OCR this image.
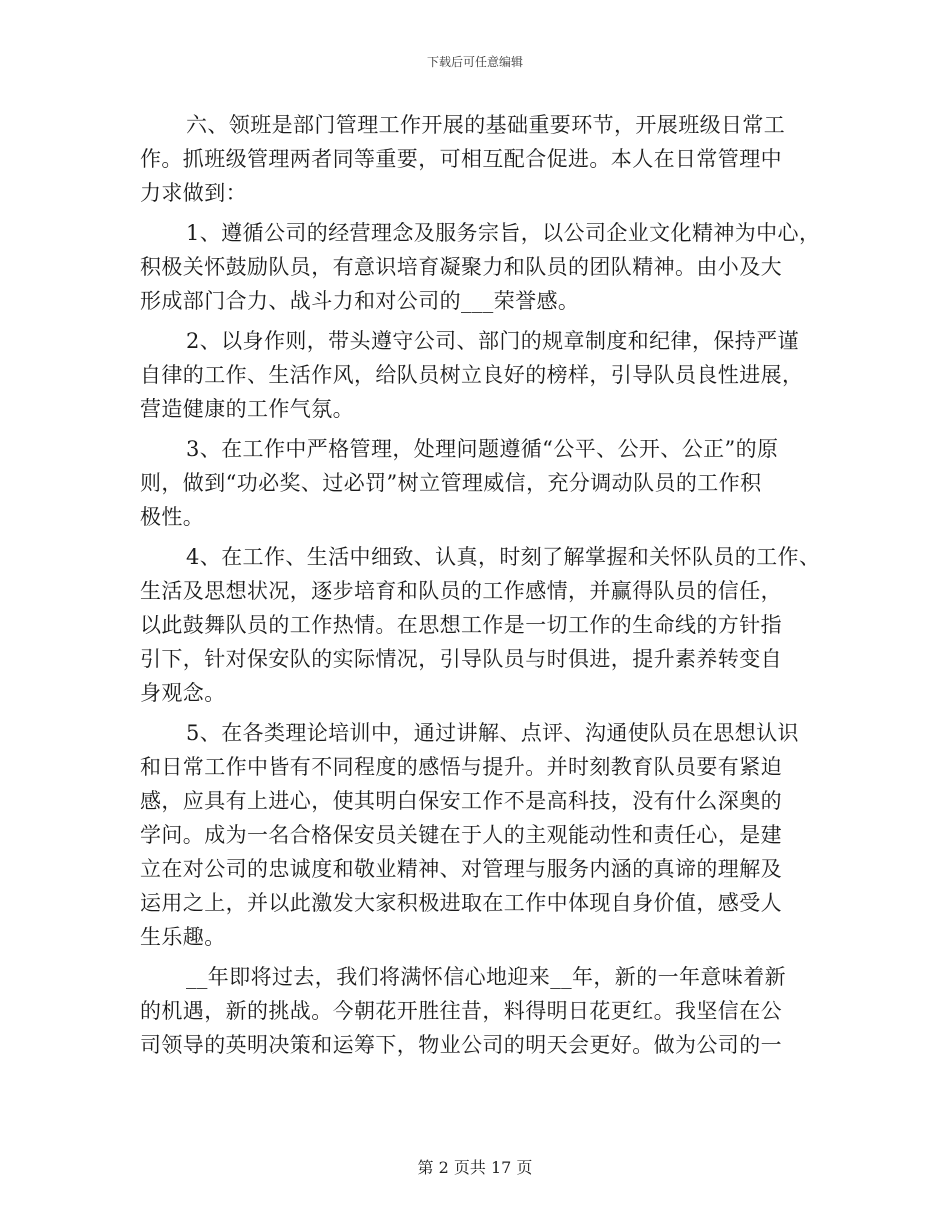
下载后可任意编辑
六、领班是部门管理工作开展的基础重要环节，开展班级日常工
作。抓班级管理两者同等重要，可相互配合促进。本人在日常管理中
力求做到：
1、遵循公司的经营理念及服务宗旨，以公司企业文化精神为中心，
积极关怀鼓励队员，有意识培育凝聚力和队员的团队精神。由小及大
形成部门合力、战斗力和对公司的___荣誉感。
2、以身作则，带头遵守公司、部门的规章制度和纪律，保持严谨
自律的工作、生活作风，给队员树立良好的榜样，引导队员良性进展，
营造健康的工作气氛。
3、在工作中严格管理，处理问题遵循“公平、公开、公正”的原
则，做到“功必奖、过必罚”树立管理威信，充分调动队员的工作积
极性。
4、在工作、生活中细致、认真，时刻了解掌握和关怀队员的工作、
生活及思想状况，逐步培育和队员的工作感情，并赢得队员的信任，
以此鼓舞队员的工作热情。在思想工作是一切工作的生命线的方针指
引下，针对保安队的实际情况，引导队员与时俱进，提升素养转变自
身观念。
5、在各类理论培训中，通过讲解、点评、沟通使队员在思想认识
和日常工作中皆有不同程度的感悟与提升。并时刻教育队员要有紧迫
感，应具有上进心，使其明白保安工作不是高科技，没有什么深奥的
学问。成为一名合格保安员关键在于人的主观能动性和责任心，是建
立在对公司的忠诚度和敬业精神、对管理与服务内涵的真谛的理解及
运用之上，并以此激发大家积极进取在工作中体现自身价值，感受人
生乐趣。
__年即将过去，我们将满怀信心地迎来__年，新的一年意味着新
的机遇，新的挑战。今朝花开胜往昔，料得明日花更红。我坚信在公
司领导的英明决策和运筹下，物业公司的明天会更好。做为公司的一
第 2 页共 17 页
